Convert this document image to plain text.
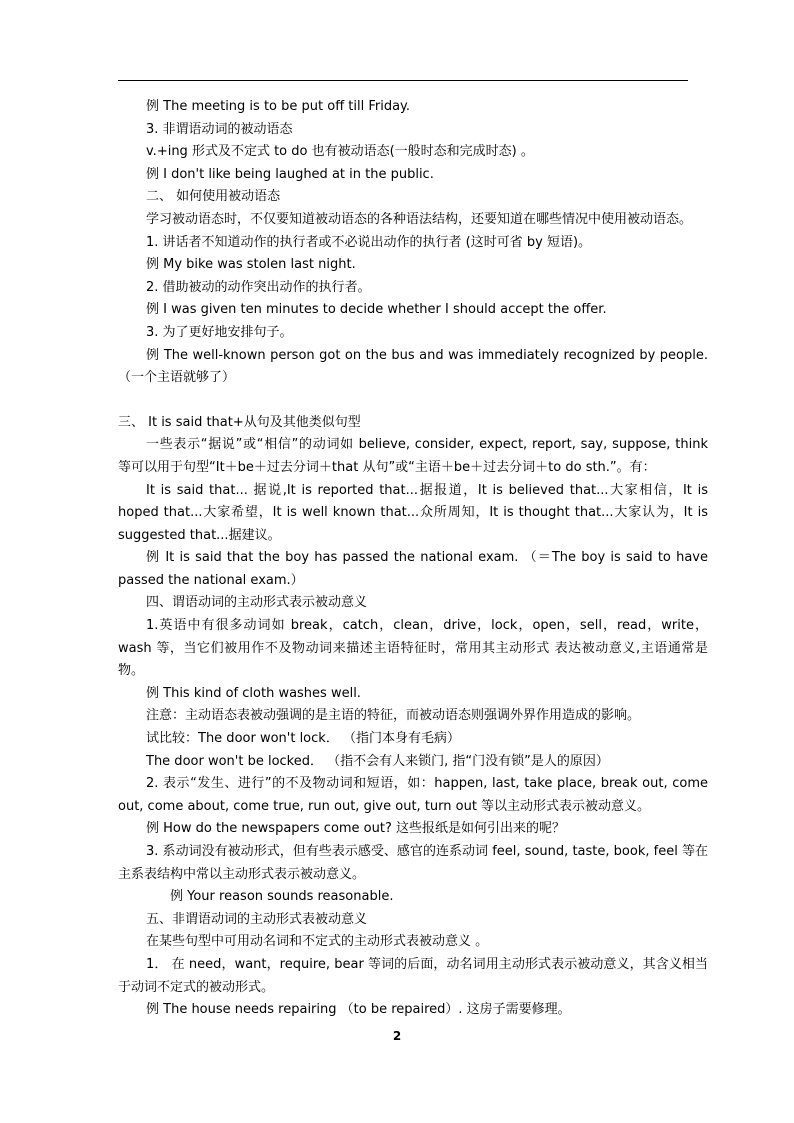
例 The meeting is to be put off till Friday.

3. 非谓语动词的被动语态

v.+ing 形式及不定式 to do 也有被动语态(一般时态和完成时态) 。

例 I don't like being laughed at in the public.

二、 如何使用被动语态

学习被动语态时，不仅要知道被动语态的各种语法结构，还要知道在哪些情况中使用被动语态。

1. 讲话者不知道动作的执行者或不必说出动作的执行者 (这时可省 by 短语)。

例 My bike was stolen last night.

2. 借助被动的动作突出动作的执行者。

例 I was given ten minutes to decide whether I should accept the offer.

3. 为了更好地安排句子。

例 The well-known person got on the bus and was immediately recognized by people.（一个主语就够了）

三、 It is said that+从句及其他类似句型

一些表示“据说”或“相信”的动词如 believe, consider, expect, report, say, suppose, think 等可以用于句型“It＋be＋过去分词＋that 从句”或“主语＋be＋过去分词＋to do sth.”。有：

It is said that... 据说,It is reported that...据报道，It is believed that...大家相信，It is hoped that...大家希望，It is well known that...众所周知，It is thought that...大家认为，It is suggested that...据建议。

例 It is said that the boy has passed the national exam. （＝The boy is said to have passed the national exam.）

四、谓语动词的主动形式表示被动意义

1.英语中有很多动词如 break，catch，clean，drive，lock，open，sell，read，write，wash 等，当它们被用作不及物动词来描述主语特征时，常用其主动形式 表达被动意义,主语通常是物。

例 This kind of cloth washes well.

注意：主动语态表被动强调的是主语的特征，而被动语态则强调外界作用造成的影响。

试比较：The door won't lock． （指门本身有毛病）

The door won't be locked． （指不会有人来锁门, 指“门没有锁”是人的原因）

2. 表示“发生、进行”的不及物动词和短语，如：happen, last, take place, break out, come out, come about, come true, run out, give out, turn out 等以主动形式表示被动意义。

例 How do the newspapers come out? 这些报纸是如何引出来的呢？

3. 系动词没有被动形式，但有些表示感受、感官的连系动词 feel, sound, taste, book, feel 等在主系表结构中常以主动形式表示被动意义。

例 Your reason sounds reasonable.

五、非谓语动词的主动形式表被动意义

在某些句型中可用动名词和不定式的主动形式表被动意义 。

1． 在 need，want，require, bear 等词的后面，动名词用主动形式表示被动意义，其含义相当于动词不定式的被动形式。

例 The house needs repairing （to be repaired）. 这房子需要修理。

2
